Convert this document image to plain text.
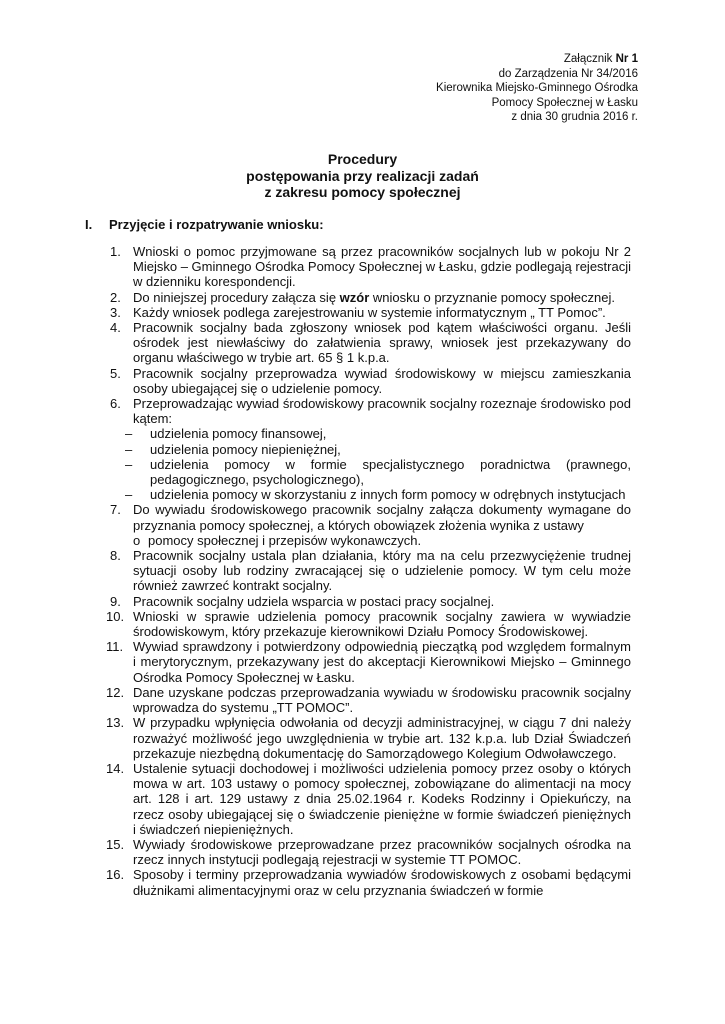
Załącznik Nr 1
do Zarządzenia Nr 34/2016
Kierownika Miejsko-Gminnego Ośrodka
Pomocy Społecznej w Łasku
z dnia 30 grudnia 2016 r.
Procedury
postępowania przy realizacji zadań
z zakresu pomocy społecznej
I. Przyjęcie i rozpatrywanie wniosku:
1. Wnioski o pomoc przyjmowane są przez pracowników socjalnych lub w pokoju Nr 2 Miejsko – Gminnego Ośrodka Pomocy Społecznej w Łasku, gdzie podlegają rejestracji w dzienniku korespondencji.
2. Do niniejszej procedury załącza się wzór wniosku o przyznanie pomocy społecznej.
3. Każdy wniosek podlega zarejestrowaniu w systemie informatycznym „ TT Pomoc”.
4. Pracownik socjalny bada zgłoszony wniosek pod kątem właściwości organu. Jeśli ośrodek jest niewłaściwy do załatwienia sprawy, wniosek jest przekazywany do organu właściwego w trybie art. 65 § 1 k.p.a.
5. Pracownik socjalny przeprowadza wywiad środowiskowy w miejscu zamieszkania osoby ubiegającej się o udzielenie pomocy.
6. Przeprowadzając wywiad środowiskowy pracownik socjalny rozeznaje środowisko pod kątem:
– udzielenia pomocy finansowej,
– udzielenia pomocy niepieniężnej,
– udzielenia pomocy w formie specjalistycznego poradnictwa (prawnego, pedagogicznego, psychologicznego),
– udzielenia pomocy w skorzystaniu z innych form pomocy w odrębnych instytucjach
7. Do wywiadu środowiskowego pracownik socjalny załącza dokumenty wymagane do przyznania pomocy społecznej, a których obowiązek złożenia wynika z ustawy
o pomocy społecznej i przepisów wykonawczych.
8. Pracownik socjalny ustala plan działania, który ma na celu przezwyciężenie trudnej sytuacji osoby lub rodziny zwracającej się o udzielenie pomocy. W tym celu może również zawrzeć kontrakt socjalny.
9. Pracownik socjalny udziela wsparcia w postaci pracy socjalnej.
10. Wnioski w sprawie udzielenia pomocy pracownik socjalny zawiera w wywiadzie środowiskowym, który przekazuje kierownikowi Działu Pomocy Środowiskowej.
11. Wywiad sprawdzony i potwierdzony odpowiednią pieczątką pod względem formalnym i merytorycznym, przekazywany jest do akceptacji Kierownikowi Miejsko – Gminnego Ośrodka Pomocy Społecznej w Łasku.
12. Dane uzyskane podczas przeprowadzania wywiadu w środowisku pracownik socjalny wprowadza do systemu „TT POMOC”.
13. W przypadku wpłynięcia odwołania od decyzji administracyjnej, w ciągu 7 dni należy rozważyć możliwość jego uwzględnienia w trybie art. 132 k.p.a. lub Dział Świadczeń przekazuje niezbędną dokumentację do Samorządowego Kolegium Odwoławczego.
14. Ustalenie sytuacji dochodowej i możliwości udzielenia pomocy przez osoby o których mowa w art. 103 ustawy o pomocy społecznej, zobowiązane do alimentacji na mocy art. 128 i art. 129 ustawy z dnia 25.02.1964 r. Kodeks Rodzinny i Opiekuńczy, na rzecz osoby ubiegającej się o świadczenie pieniężne w formie świadczeń pieniężnych i świadczeń niepieniężnych.
15. Wywiady środowiskowe przeprowadzane przez pracowników socjalnych ośrodka na rzecz innych instytucji podlegają rejestracji w systemie TT POMOC.
16. Sposoby i terminy przeprowadzania wywiadów środowiskowych z osobami będącymi dłużnikami alimentacyjnymi oraz w celu przyznania świadczeń w formie
